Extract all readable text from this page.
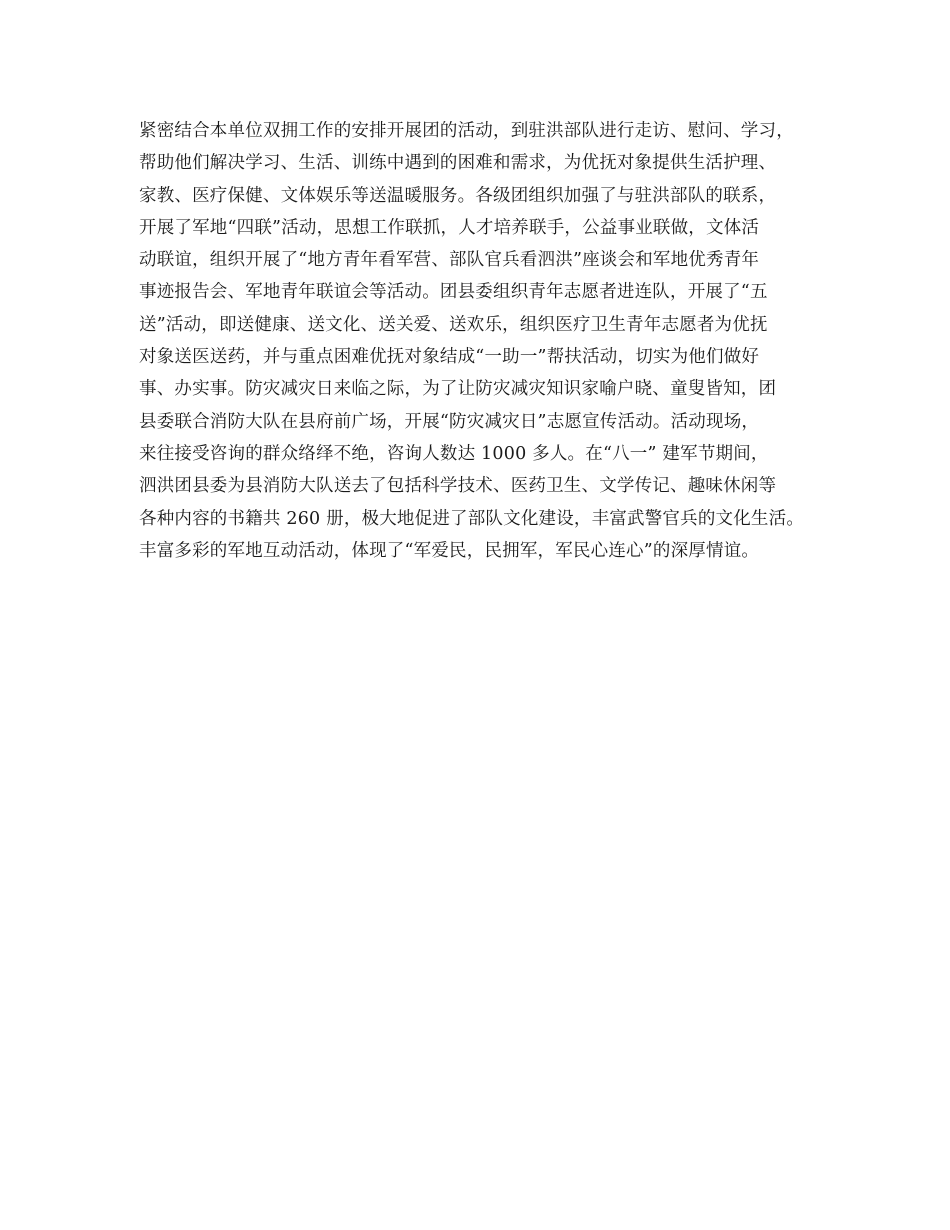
紧密结合本单位双拥工作的安排开展团的活动，到驻洪部队进行走访、慰问、学习，
帮助他们解决学习、生活、训练中遇到的困难和需求，为优抚对象提供生活护理、
家教、医疗保健、文体娱乐等送温暖服务。各级团组织加强了与驻洪部队的联系，
开展了军地“四联”活动，思想工作联抓，人才培养联手，公益事业联做，文体活
动联谊，组织开展了“地方青年看军营、部队官兵看泗洪”座谈会和军地优秀青年
事迹报告会、军地青年联谊会等活动。团县委组织青年志愿者进连队，开展了“五
送”活动，即送健康、送文化、送关爱、送欢乐，组织医疗卫生青年志愿者为优抚
对象送医送药，并与重点困难优抚对象结成“一助一”帮扶活动，切实为他们做好
事、办实事。防灾减灾日来临之际，为了让防灾减灾知识家喻户晓、童叟皆知，团
县委联合消防大队在县府前广场，开展“防灾减灾日”志愿宣传活动。活动现场，
来往接受咨询的群众络绎不绝，咨询人数达 1000 多人。在“八一” 建军节期间，
泗洪团县委为县消防大队送去了包括科学技术、医药卫生、文学传记、趣味休闲等
各种内容的书籍共 260 册，极大地促进了部队文化建设，丰富武警官兵的文化生活。
丰富多彩的军地互动活动，体现了“军爱民，民拥军，军民心连心”的深厚情谊。
